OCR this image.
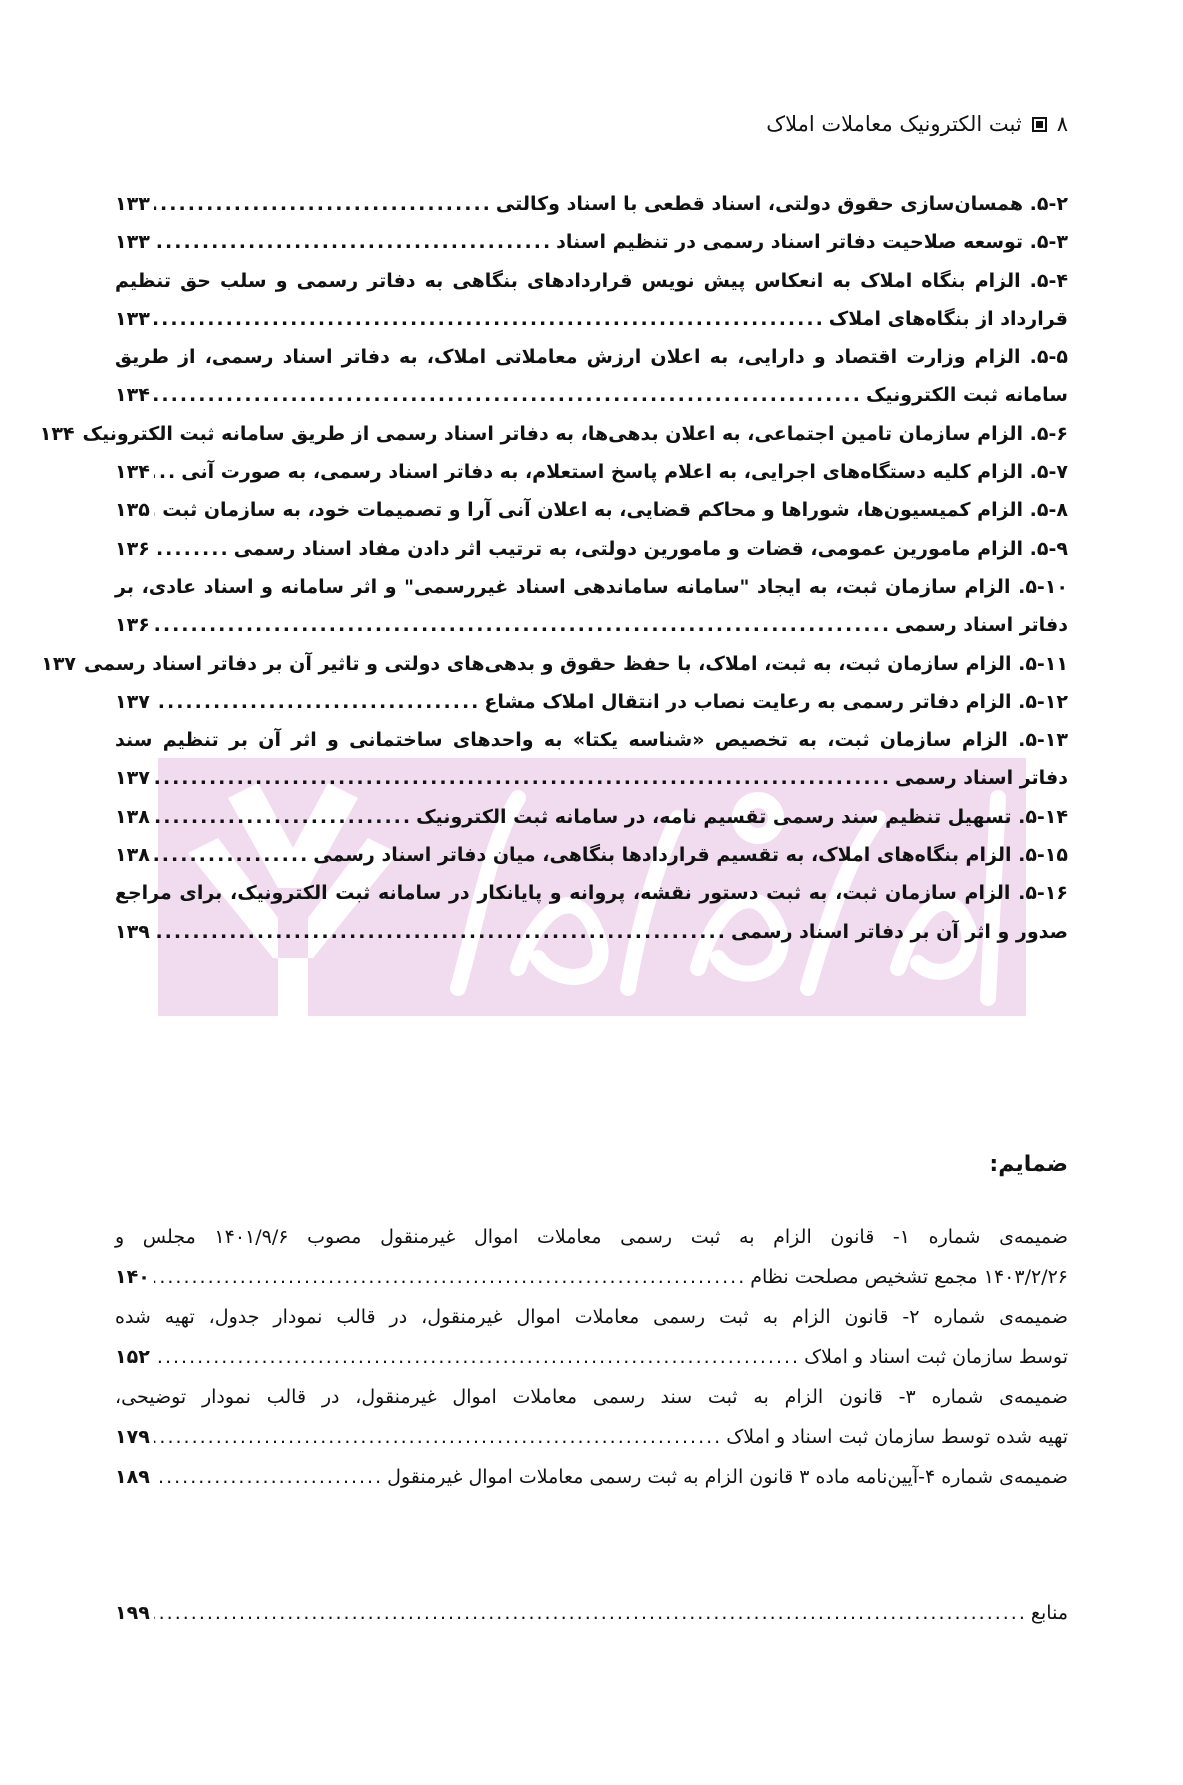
۸
ثبت الکترونیک معاملات املاک
۵-۲. همسان‌سازی حقوق دولتی، اسناد قطعی با اسناد وکالتی
.....
۱۳۳
۵-۳. توسعه صلاحیت دفاتر اسناد رسمی در تنظیم اسناد
.....
۱۳۳
۵-۴. الزام بنگاه املاک به انعکاس پیش نویس قراردادهای بنگاهی به دفاتر رسمی و سلب حق تنظیم
قرارداد از بنگاه‌های املاک
.....
۱۳۳
۵-۵. الزام وزارت اقتصاد و دارایی، به اعلان ارزش معاملاتی املاک، به دفاتر اسناد رسمی، از طریق
سامانه ثبت الکترونیک
.....
۱۳۴
۵-۶. الزام سازمان تامین اجتماعی، به اعلان بدهی‌ها، به دفاتر اسناد رسمی از طریق سامانه ثبت الکترونیک
۱۳۴
۵-۷. الزام کلیه دستگاه‌های اجرایی، به اعلام پاسخ استعلام، به دفاتر اسناد رسمی، به صورت آنی
.....
۱۳۴
۵-۸. الزام کمیسیون‌ها، شوراها و محاکم قضایی، به اعلان آنی آرا و تصمیمات خود، به سازمان ثبت
.....
۱۳۵
۵-۹. الزام مامورین عمومی، قضات و مامورین دولتی، به ترتیب اثر دادن مفاد اسناد رسمی
.....
۱۳۶
۵-۱۰. الزام سازمان ثبت، به ایجاد "سامانه ساماندهی اسناد غیررسمی" و اثر سامانه و اسناد عادی، بر
دفاتر اسناد رسمی
.....
۱۳۶
۵-۱۱. الزام سازمان ثبت، به ثبت، املاک، با حفظ حقوق و بدهی‌های دولتی و تاثیر آن بر دفاتر اسناد رسمی
۱۳۷
۵-۱۲. الزام دفاتر رسمی به رعایت نصاب در انتقال املاک مشاع
.....
۱۳۷
۵-۱۳. الزام سازمان ثبت، به تخصیص «شناسه یکتا» به واحدهای ساختمانی و اثر آن بر تنظیم سند
دفاتر اسناد رسمی
.....
۱۳۷
۵-۱۴. تسهیل تنظیم سند رسمی تقسیم نامه، در سامانه ثبت الکترونیک
.....
۱۳۸
۵-۱۵. الزام بنگاه‌های املاک، به تقسیم قراردادها بنگاهی، میان دفاتر اسناد رسمی
.....
۱۳۸
۵-۱۶. الزام سازمان ثبت، به ثبت دستور نقشه، پروانه و پایانکار در سامانه ثبت الکترونیک، برای مراجع
صدور و اثر آن بر دفاتر اسناد رسمی
.....
۱۳۹
ضمایم:
ضمیمه‌ی شماره ۱- قانون الزام به ثبت رسمی معاملات اموال غیرمنقول مصوب ۱۴۰۱/۹/۶ مجلس و
۱۴۰۳/۲/۲۶ مجمع تشخیص مصلحت نظام
.....
۱۴۰
ضمیمه‌ی شماره ۲- قانون الزام به ثبت رسمی معاملات اموال غیرمنقول، در قالب نمودار جدول، تهیه شده
توسط سازمان ثبت اسناد و املاک
.....
۱۵۲
ضمیمه‌ی شماره ۳- قانون الزام به ثبت سند رسمی معاملات اموال غیرمنقول، در قالب نمودار توضیحی،
تهیه شده توسط سازمان ثبت اسناد و املاک
.....
۱۷۹
ضمیمه‌ی شماره ۴-آیین‌نامه ماده ۳ قانون الزام به ثبت رسمی معاملات اموال غیرمنقول
.....
۱۸۹
منابع
.....
۱۹۹
